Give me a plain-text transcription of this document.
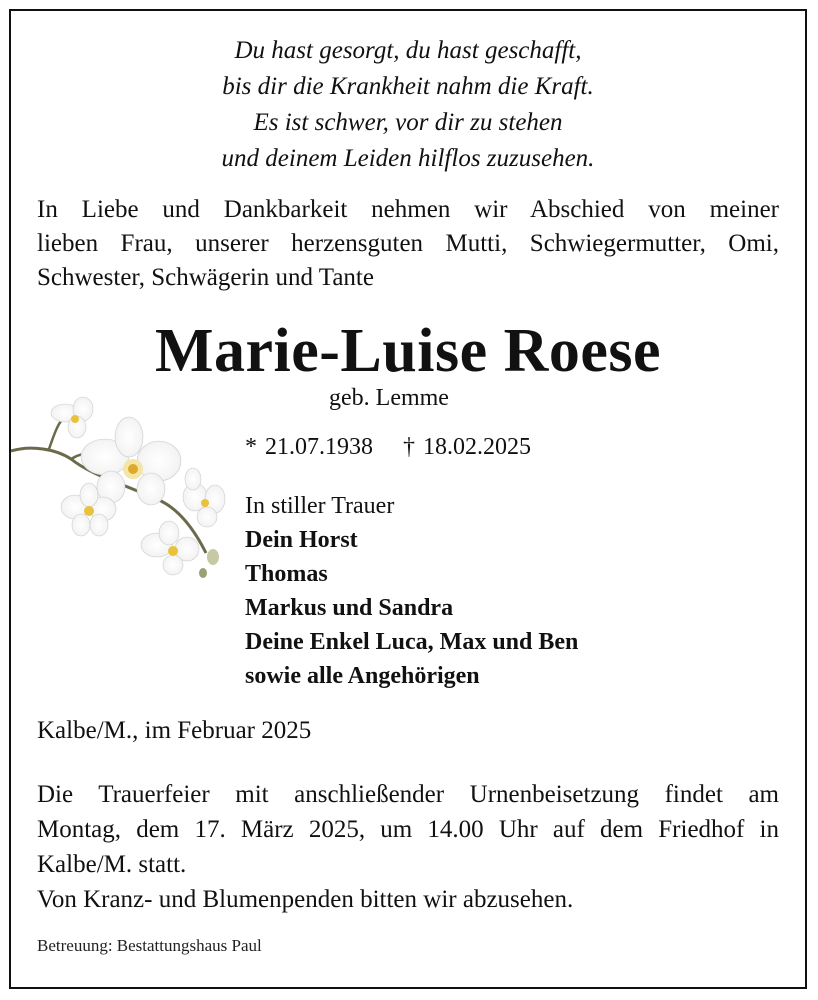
Du hast gesorgt, du hast geschafft,
bis dir die Krankheit nahm die Kraft.
Es ist schwer, vor dir zu stehen
und deinem Leiden hilflos zuzusehen.
In Liebe und Dankbarkeit nehmen wir Abschied von meiner
lieben Frau, unserer herzensguten Mutti, Schwiegermutter, Omi,
Schwester, Schwägerin und Tante
Marie-Luise Roese
geb. Lemme
* 21.07.1938 † 18.02.2025
In stiller Trauer
Dein Horst
Thomas
Markus und Sandra
Deine Enkel Luca, Max und Ben
sowie alle Angehörigen
Kalbe/M., im Februar 2025
Die Trauerfeier mit anschließender Urnenbeisetzung findet am
Montag, dem 17. März 2025, um 14.00 Uhr auf dem Friedhof in
Kalbe/M. statt.
Von Kranz- und Blumenpenden bitten wir abzusehen.
Betreuung: Bestattungshaus Paul
